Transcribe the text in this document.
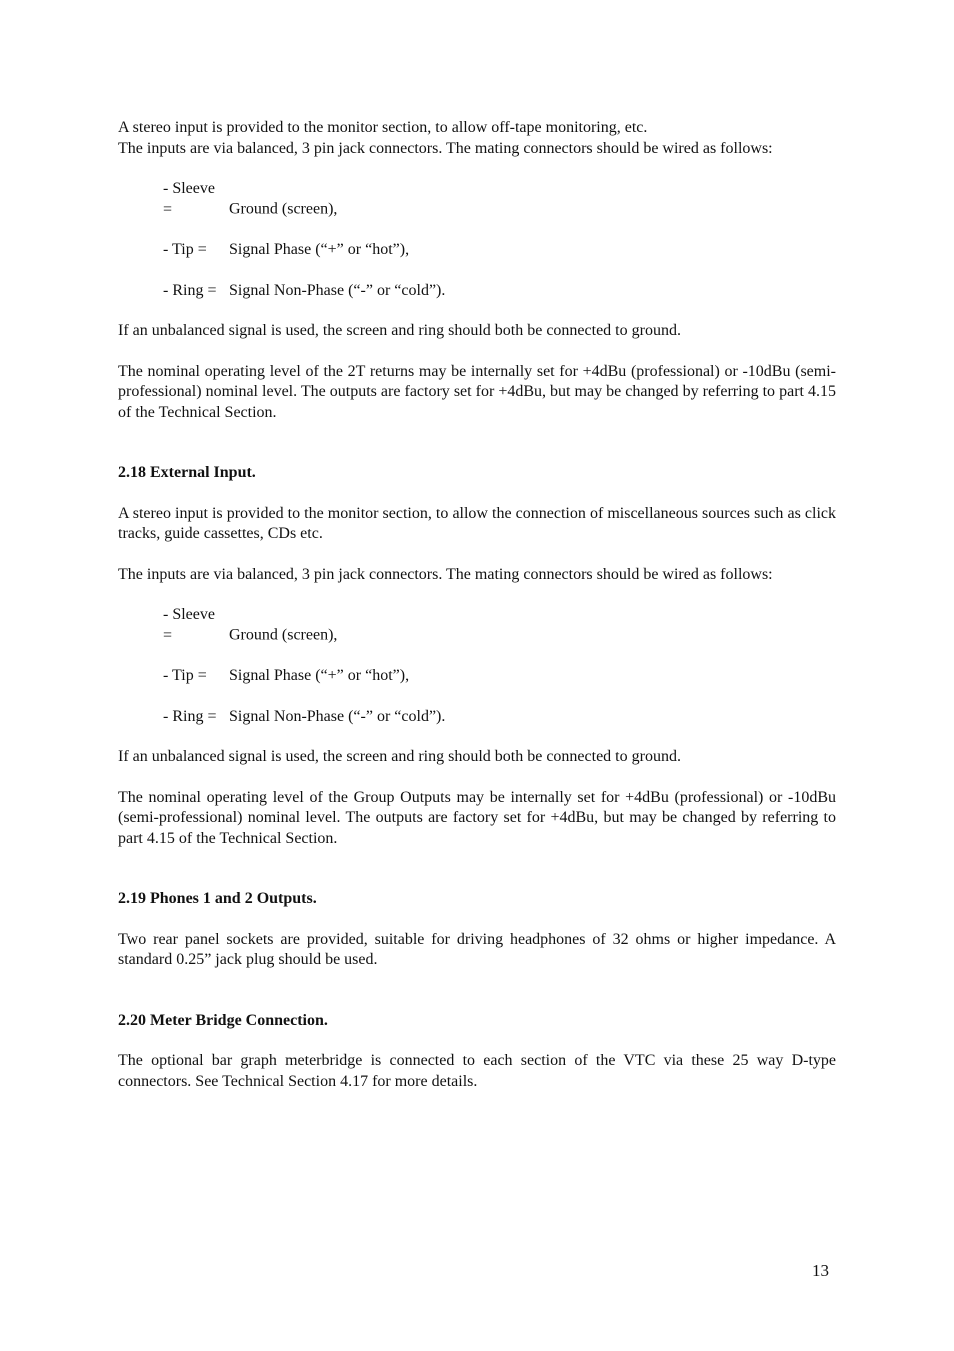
A stereo input is provided to the monitor section, to allow off-tape monitoring, etc.

The inputs are via balanced, 3 pin jack connectors. The mating connectors should be wired as follows:

- Sleeve =	Ground (screen),

- Tip = Signal Phase (“+” or “hot”),

- Ring = Signal Non-Phase (“-” or “cold”).

If an unbalanced signal is used, the screen and ring should both be connected to ground.

The nominal operating level of the 2T returns may be internally set for +4dBu (professional) or -10dBu (semi-professional) nominal level. The outputs are factory set for +4dBu, but may be changed by referring to part 4.15 of the Technical Section.

2.18 External Input.

A stereo input is provided to the monitor section, to allow the connection of miscellaneous sources such as click tracks, guide cassettes, CDs etc.

The inputs are via balanced, 3 pin jack connectors. The mating connectors should be wired as follows:

- Sleeve =	Ground (screen),

- Tip = Signal Phase (“+” or “hot”),

- Ring = Signal Non-Phase (“-” or “cold”).

If an unbalanced signal is used, the screen and ring should both be connected to ground.

The nominal operating level of the Group Outputs may be internally set for +4dBu (professional) or -10dBu (semi-professional) nominal level. The outputs are factory set for +4dBu, but may be changed by referring to part 4.15 of the Technical Section.

2.19 Phones 1 and 2 Outputs.

Two rear panel sockets are provided, suitable for driving headphones of 32 ohms or higher impedance. A standard 0.25” jack plug should be used.

2.20 Meter Bridge Connection.

The optional bar graph meterbridge is connected to each section of the VTC via these 25 way D-type connectors. See Technical Section 4.17 for more details.

13
